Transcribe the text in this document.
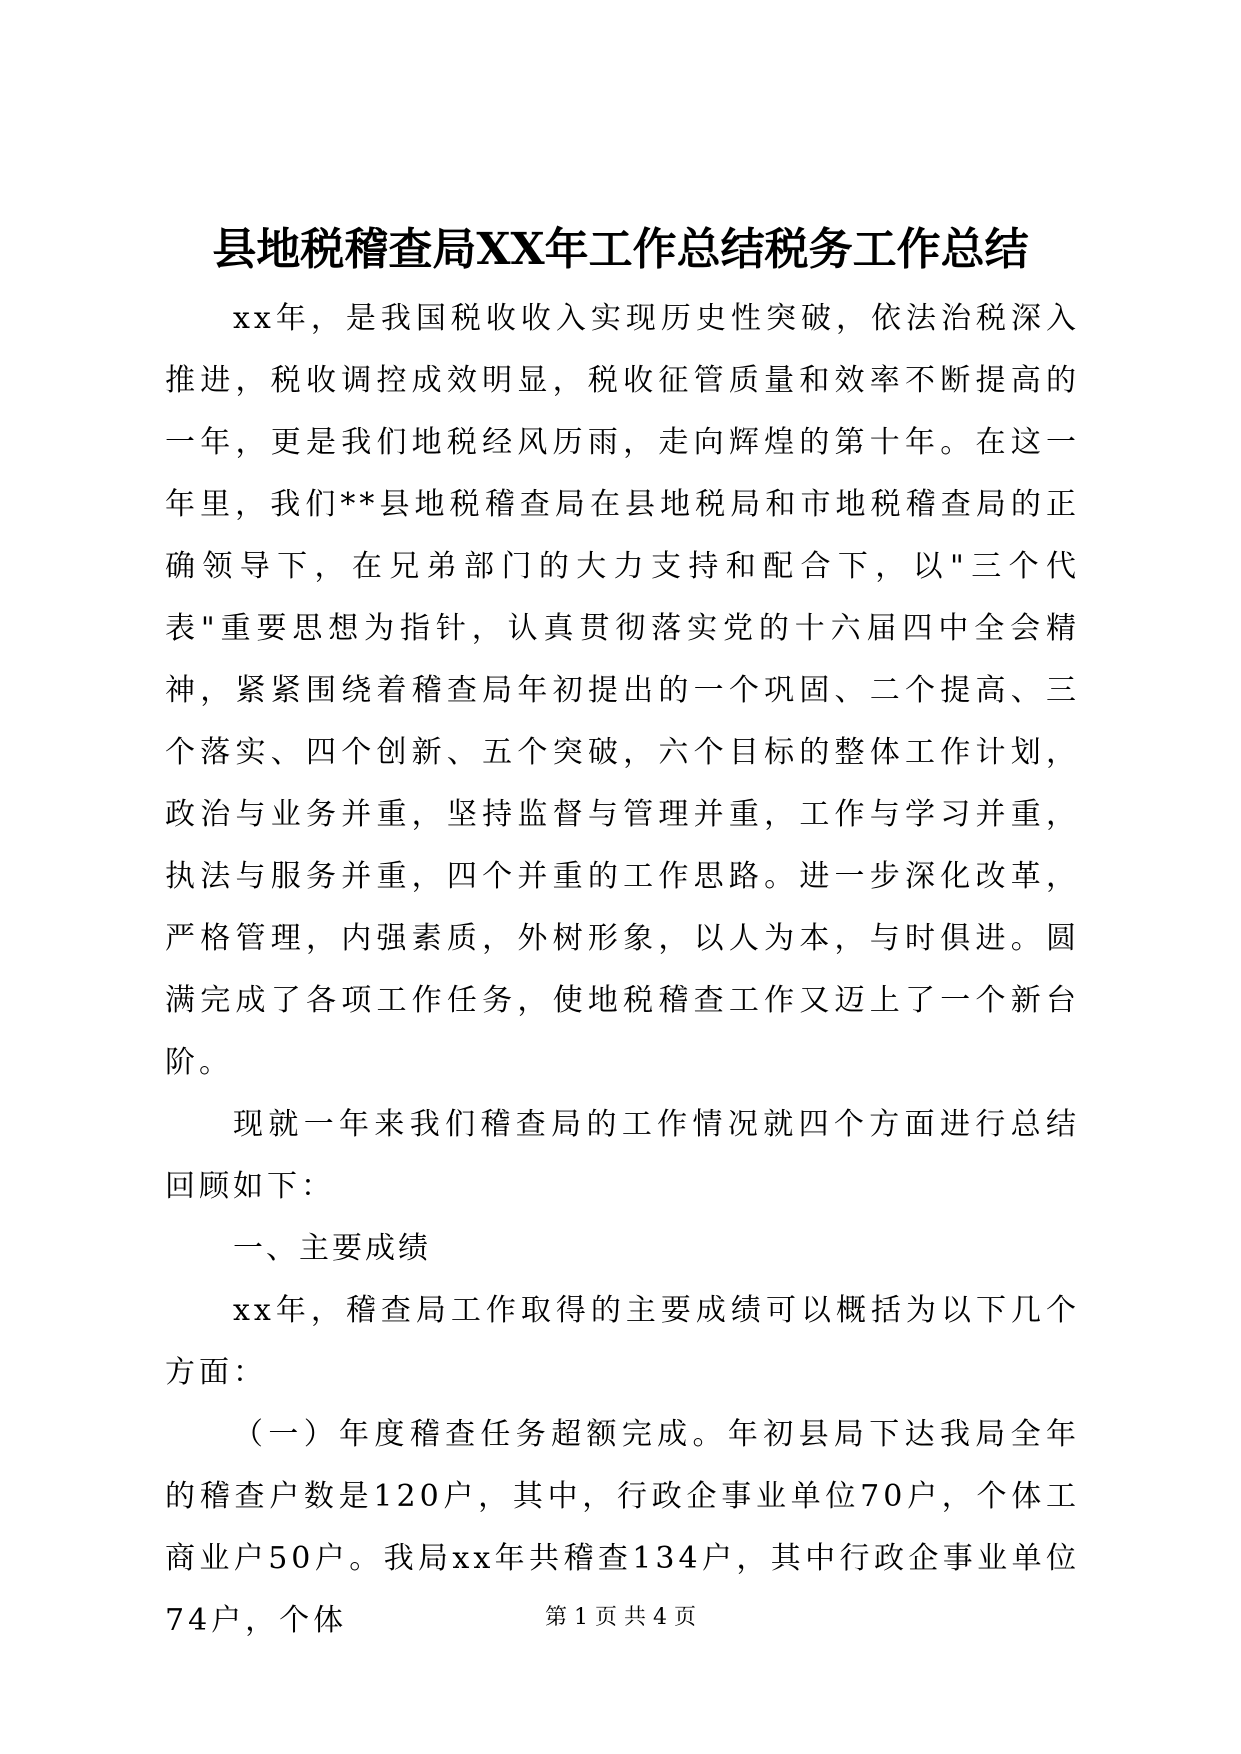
县地税稽查局XX年工作总结税务工作总结

xx年，是我国税收收入实现历史性突破，依法治税深入推进，税收调控成效明显，税收征管质量和效率不断提高的一年，更是我们地税经风历雨，走向辉煌的第十年。在这一年里，我们**县地税稽查局在县地税局和市地税稽查局的正确领导下，在兄弟部门的大力支持和配合下，以"三个代表"重要思想为指针，认真贯彻落实党的十六届四中全会精神，紧紧围绕着稽查局年初提出的一个巩固、二个提高、三个落实、四个创新、五个突破，六个目标的整体工作计划，政治与业务并重，坚持监督与管理并重，工作与学习并重，执法与服务并重，四个并重的工作思路。进一步深化改革，严格管理，内强素质，外树形象，以人为本，与时俱进。圆满完成了各项工作任务，使地税稽查工作又迈上了一个新台阶。

现就一年来我们稽查局的工作情况就四个方面进行总结回顾如下：

一、主要成绩

xx年，稽查局工作取得的主要成绩可以概括为以下几个方面：

（一）年度稽查任务超额完成。年初县局下达我局全年的稽查户数是120户，其中，行政企事业单位70户，个体工商业户50户。我局xx年共稽查134户，其中行政企事业单位74户，个体	第 1 页 共 4 页
